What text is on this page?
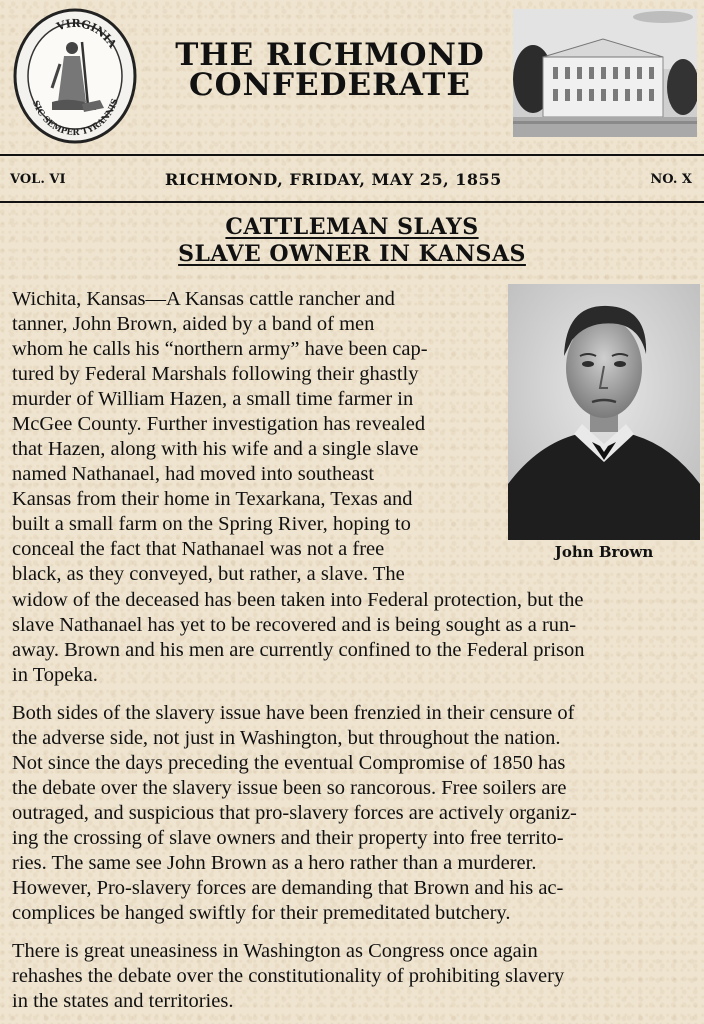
VIRGINIA
SIC SEMPER TYRANNIS
THE RICHMOND
CONFEDERATE
VOL. VI	RICHMOND, FRIDAY, MAY 25, 1855	NO. X
CATTLEMAN SLAYS
SLAVE OWNER IN KANSAS
John Brown
Wichita, Kansas—A Kansas cattle rancher and
tanner, John Brown, aided by a band of men
whom he calls his “northern army” have been cap-
tured by Federal Marshals following their ghastly
murder of William Hazen, a small time farmer in
McGee County. Further investigation has revealed
that Hazen, along with his wife and a single slave
named Nathanael, had moved into southeast
Kansas from their home in Texarkana, Texas and
built a small farm on the Spring River, hoping to
conceal the fact that Nathanael was not a free
black, as they conveyed, but rather, a slave. The
widow of the deceased has been taken into Federal protection, but the
slave Nathanael has yet to be recovered and is being sought as a run-
away. Brown and his men are currently confined to the Federal prison
in Topeka.
Both sides of the slavery issue have been frenzied in their censure of
the adverse side, not just in Washington, but throughout the nation.
Not since the days preceding the eventual Compromise of 1850 has
the debate over the slavery issue been so rancorous. Free soilers are
outraged, and suspicious that pro-slavery forces are actively organiz-
ing the crossing of slave owners and their property into free territo-
ries. The same see John Brown as a hero rather than a murderer.
However, Pro-slavery forces are demanding that Brown and his ac-
complices be hanged swiftly for their premeditated butchery.
There is great uneasiness in Washington as Congress once again
rehashes the debate over the constitutionality of prohibiting slavery
in the states and territories.
